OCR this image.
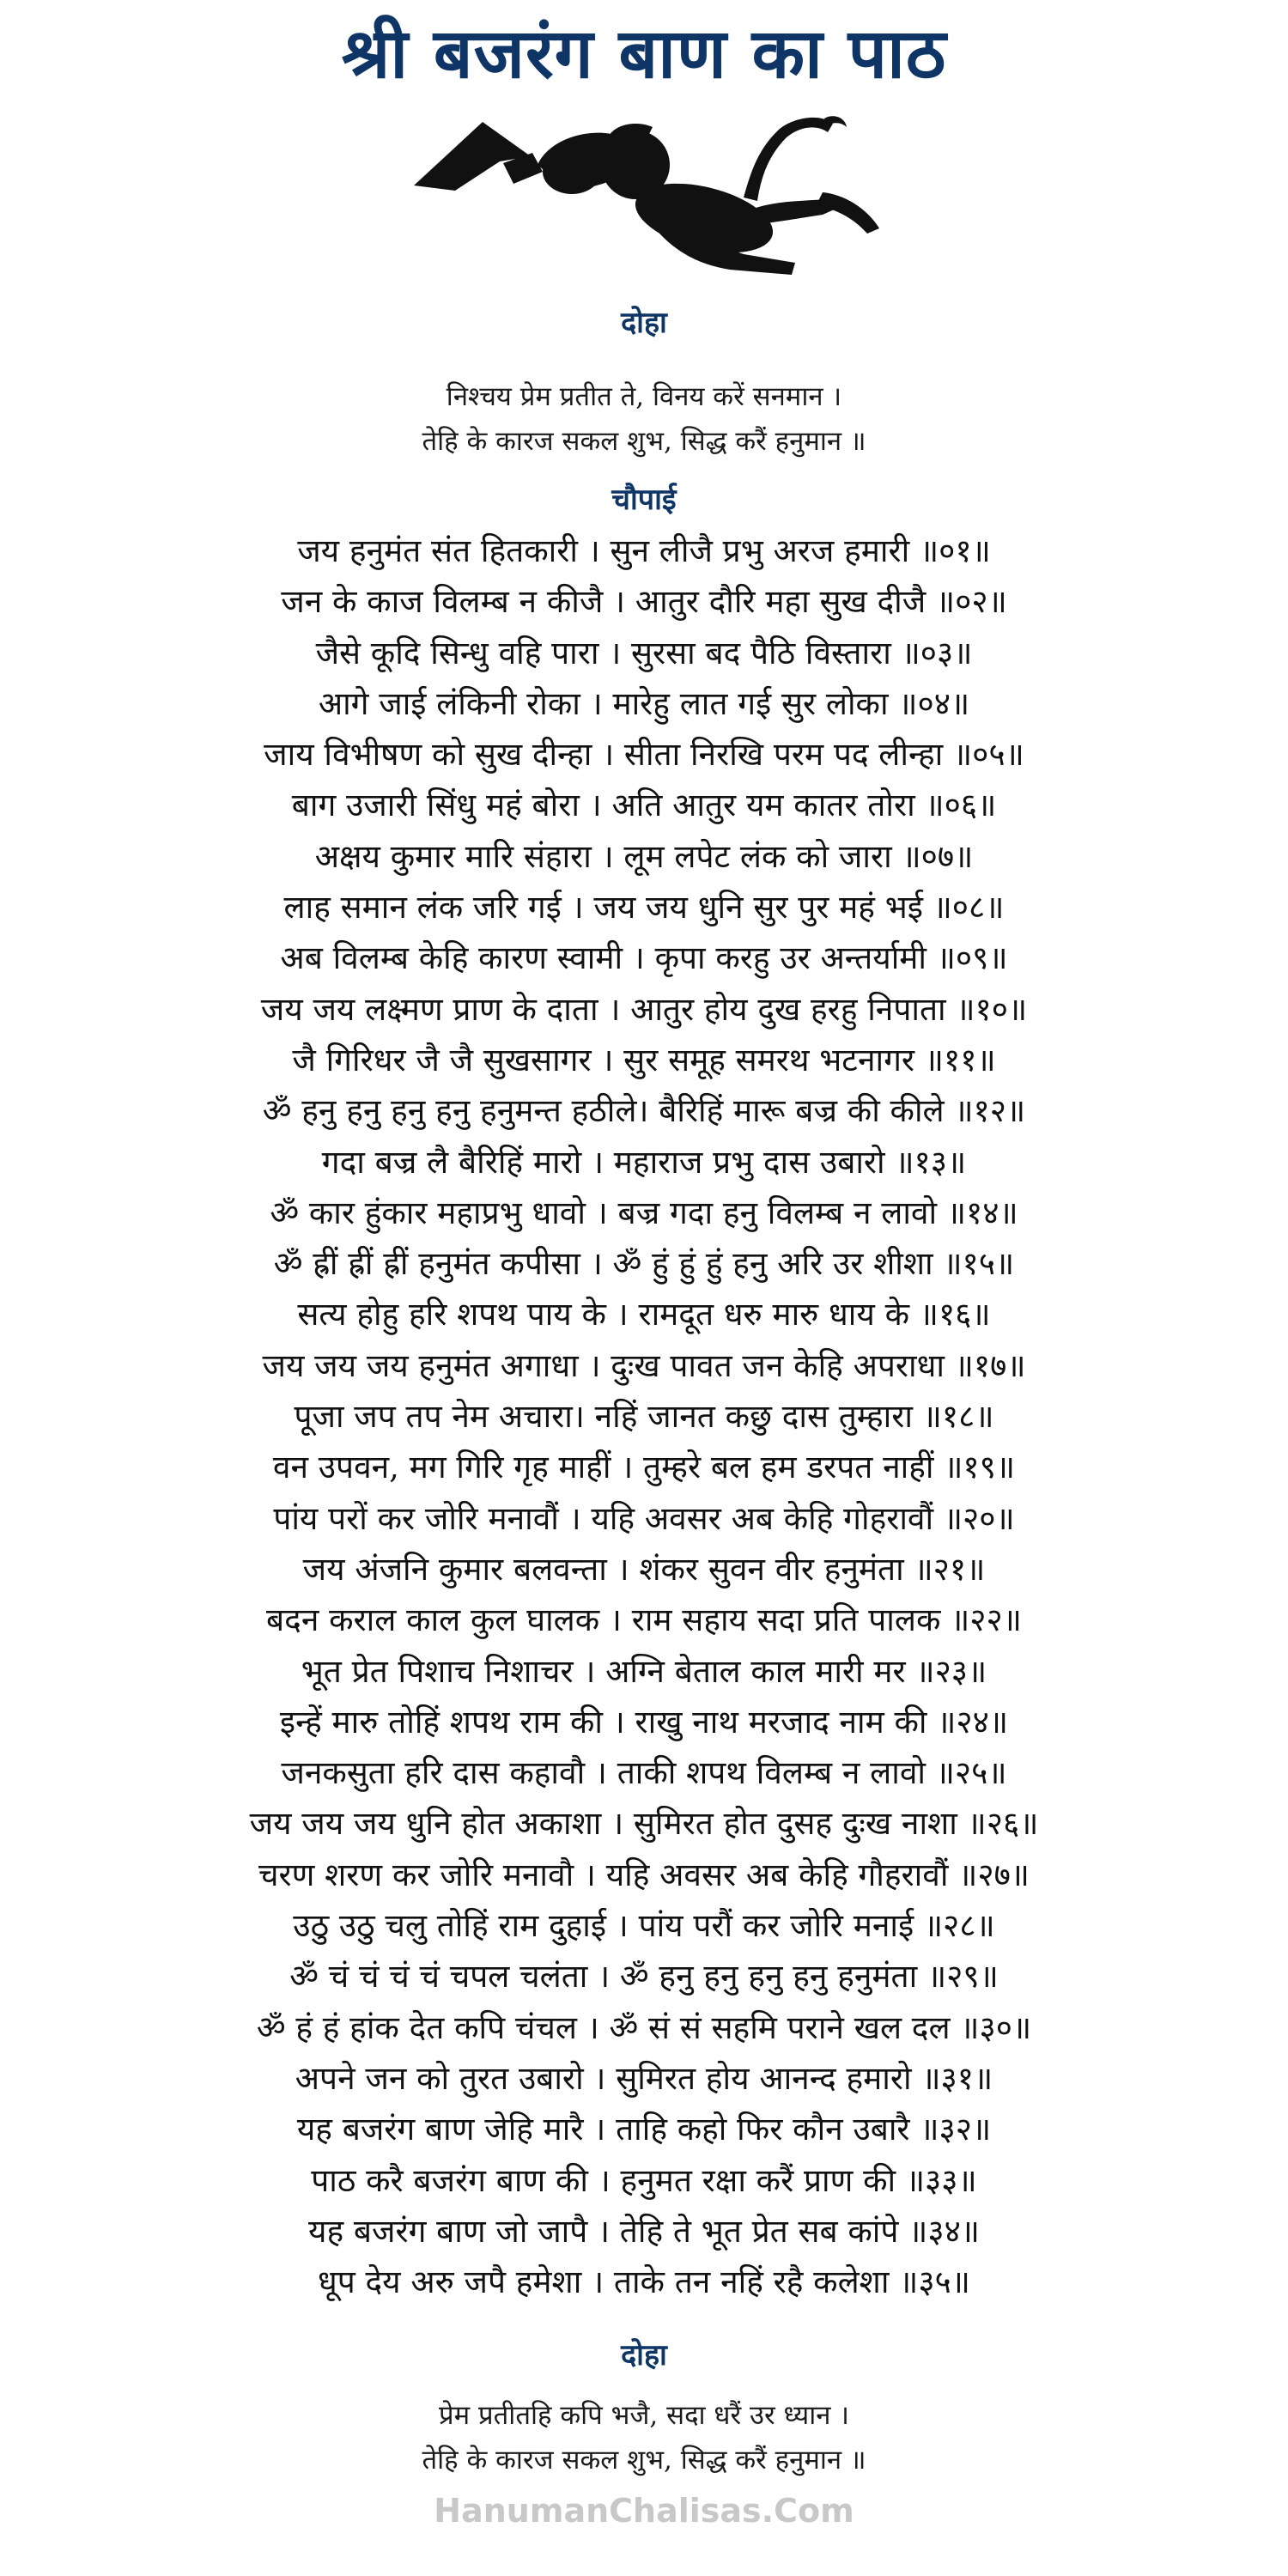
श्री बजरंग बाण का पाठ
दोहा
निश्चय प्रेम प्रतीत ते, विनय करें सनमान ।
तेहि के कारज सकल शुभ, सिद्ध करैं हनुमान ॥
चौपाई
जय हनुमंत संत हितकारी । सुन लीजै प्रभु अरज हमारी ॥०१॥
जन के काज विलम्ब न कीजै । आतुर दौरि महा सुख दीजै ॥०२॥
जैसे कूदि सिन्धु वहि पारा । सुरसा बद पैठि विस्तारा ॥०३॥
आगे जाई लंकिनी रोका । मारेहु लात गई सुर लोका ॥०४॥
जाय विभीषण को सुख दीन्हा । सीता निरखि परम पद लीन्हा ॥०५॥
बाग उजारी सिंधु महं बोरा । अति आतुर यम कातर तोरा ॥०६॥
अक्षय कुमार मारि संहारा । लूम लपेट लंक को जारा ॥०७॥
लाह समान लंक जरि गई । जय जय धुनि सुर पुर महं भई ॥०८॥
अब विलम्ब केहि कारण स्वामी । कृपा करहु उर अन्तर्यामी ॥०९॥
जय जय लक्ष्मण प्राण के दाता । आतुर होय दुख हरहु निपाता ॥१०॥
जै गिरिधर जै जै सुखसागर । सुर समूह समरथ भटनागर ॥११॥
ॐ हनु हनु हनु हनु हनुमन्त हठीले। बैरिहिं मारू बज्र की कीले ॥१२॥
गदा बज्र लै बैरिहिं मारो । महाराज प्रभु दास उबारो ॥१३॥
ॐ कार हुंकार महाप्रभु धावो । बज्र गदा हनु विलम्ब न लावो ॥१४॥
ॐ ह्रीं ह्रीं ह्रीं हनुमंत कपीसा । ॐ हुं हुं हुं हनु अरि उर शीशा ॥१५॥
सत्य होहु हरि शपथ पाय के । रामदूत धरु मारु धाय के ॥१६॥
जय जय जय हनुमंत अगाधा । दुःख पावत जन केहि अपराधा ॥१७॥
पूजा जप तप नेम अचारा। नहिं जानत कछु दास तुम्हारा ॥१८॥
वन उपवन, मग गिरि गृह माहीं । तुम्हरे बल हम डरपत नाहीं ॥१९॥
पांय परों कर जोरि मनावौं । यहि अवसर अब केहि गोहरावौं ॥२०॥
जय अंजनि कुमार बलवन्ता । शंकर सुवन वीर हनुमंता ॥२१॥
बदन कराल काल कुल घालक । राम सहाय सदा प्रति पालक ॥२२॥
भूत प्रेत पिशाच निशाचर । अग्नि बेताल काल मारी मर ॥२३॥
इन्हें मारु तोहिं शपथ राम की । राखु नाथ मरजाद नाम की ॥२४॥
जनकसुता हरि दास कहावौ । ताकी शपथ विलम्ब न लावो ॥२५॥
जय जय जय धुनि होत अकाशा । सुमिरत होत दुसह दुःख नाशा ॥२६॥
चरण शरण कर जोरि मनावौ । यहि अवसर अब केहि गौहरावौं ॥२७॥
उठु उठु चलु तोहिं राम दुहाई । पांय परौं कर जोरि मनाई ॥२८॥
ॐ चं चं चं चं चपल चलंता । ॐ हनु हनु हनु हनु हनुमंता ॥२९॥
ॐ हं हं हांक देत कपि चंचल । ॐ सं सं सहमि पराने खल दल ॥३०॥
अपने जन को तुरत उबारो । सुमिरत होय आनन्द हमारो ॥३१॥
यह बजरंग बाण जेहि मारै । ताहि कहो फिर कौन उबारै ॥३२॥
पाठ करै बजरंग बाण की । हनुमत रक्षा करैं प्राण की ॥३३॥
यह बजरंग बाण जो जापै । तेहि ते भूत प्रेत सब कांपे ॥३४॥
धूप देय अरु जपै हमेशा । ताके तन नहिं रहै कलेशा ॥३५॥
दोहा
प्रेम प्रतीतहि कपि भजै, सदा धरैं उर ध्यान ।
तेहि के कारज सकल शुभ, सिद्ध करैं हनुमान ॥
HanumanChalisas.Com
